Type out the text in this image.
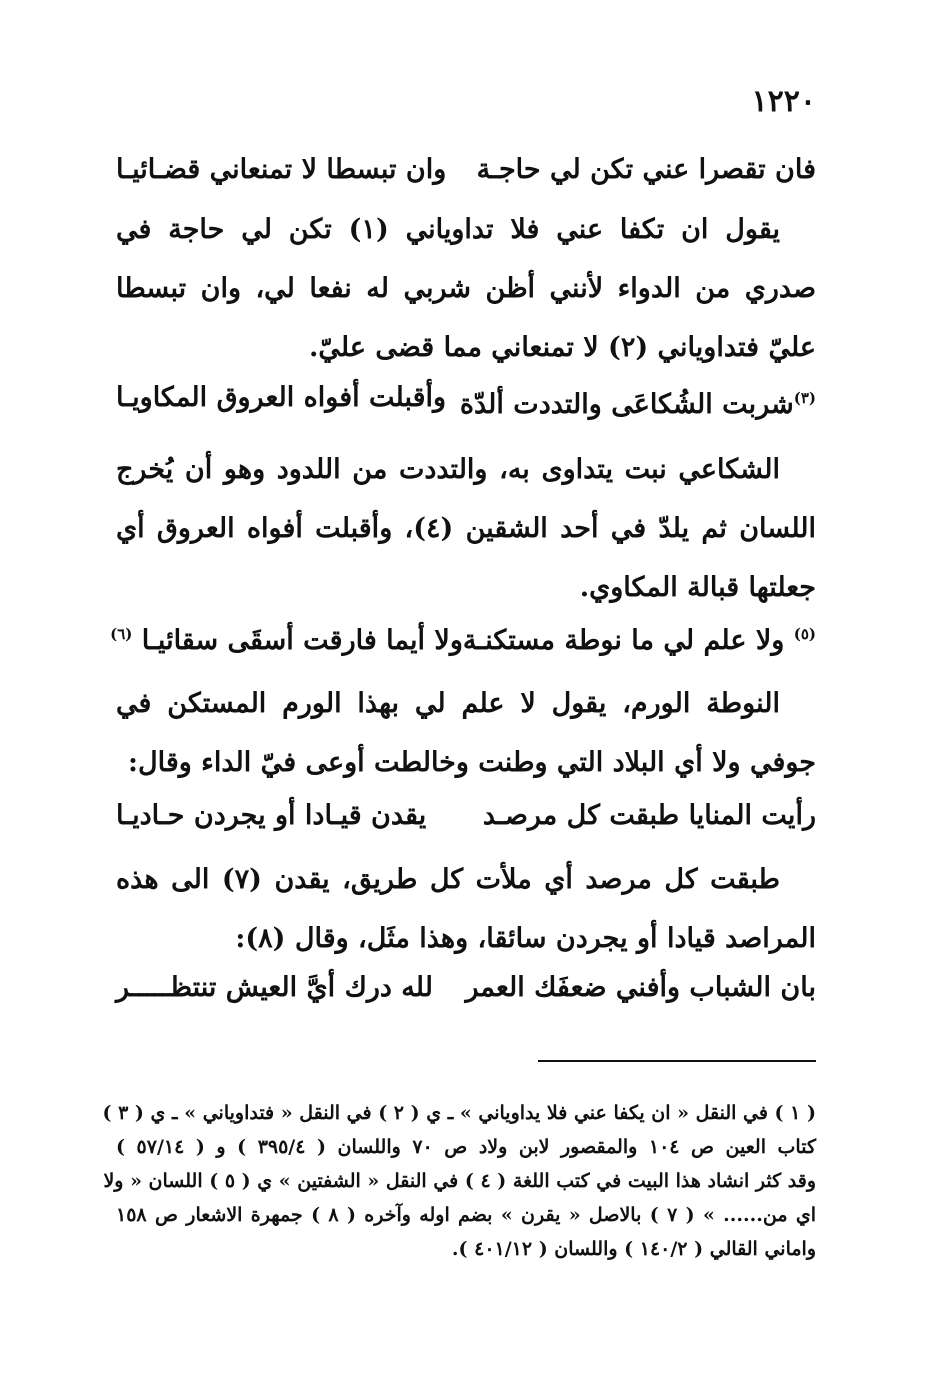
١٢٢٠
فان تقصرا عني تكن لي حاجـة
وان تبسطا لا تمنعاني قضـائيـا
يقول ان تكفا عني فلا تداوياني (١) تكن لي حاجة في صدري من الدواء لأنني أظن شربي له نفعا لي، وان تبسطا عليّ فتداوياني (٢) لا تمنعاني مما قضى عليّ.
$^{(٣)}$شربت الشُكاعَى والتددت ألدّة
وأقبلت أفواه العروق المكاويـا
الشكاعي نبت يتداوى به، والتددت من اللدود وهو أن يُخرج اللسان ثم يلدّ في أحد الشقين (٤)، وأقبلت أفواه العروق أي جعلتها قبالة المكاوي.
$^{(٥)}$ ولا علم لي ما نوطة مستكنـة
ولا أيما فارقت أسقَى سقائيـا $^{(٦)}$
النوطة الورم، يقول لا علم لي بهذا الورم المستكن في جوفي ولا أي البلاد التي وطنت وخالطت أوعى فيّ الداء وقال:
رأيت المنايا طبقت كل مرصـد
يقدن قيـادا أو يجردن حـاديـا
طبقت كل مرصد أي ملأت كل طريق، يقدن (٧) الى هذه المراصد قيادا أو يجردن سائقا، وهذا مثَل، وقال (٨):
بان الشباب وأفني ضعفَك العمر
لله درك أيَّ العيش تنتظـــــر
( ١ ) في النقل « ان يكفا عني فلا يداوياني » ـ ي ( ٢ ) في النقل « فتداوياني » ـ ي ( ٣ )
كتاب العين ص ١٠٤ والمقصور لابن ولاد ص ٧٠ واللسان ( ٣٩٥/٤ ) و ( ٥٧/١٤ )
وقد كثر انشاد هذا البيت في كتب اللغة ( ٤ ) في النقل « الشفتين » ي ( ٥ ) اللسان « ولا
اي من...... » ( ٧ ) بالاصل « يقرن » بضم اوله وآخره ( ٨ ) جمهرة الاشعار ص ١٥٨
واماني القالي ( ١٤٠/٢ ) واللسان ( ٤٠١/١٢ ).
